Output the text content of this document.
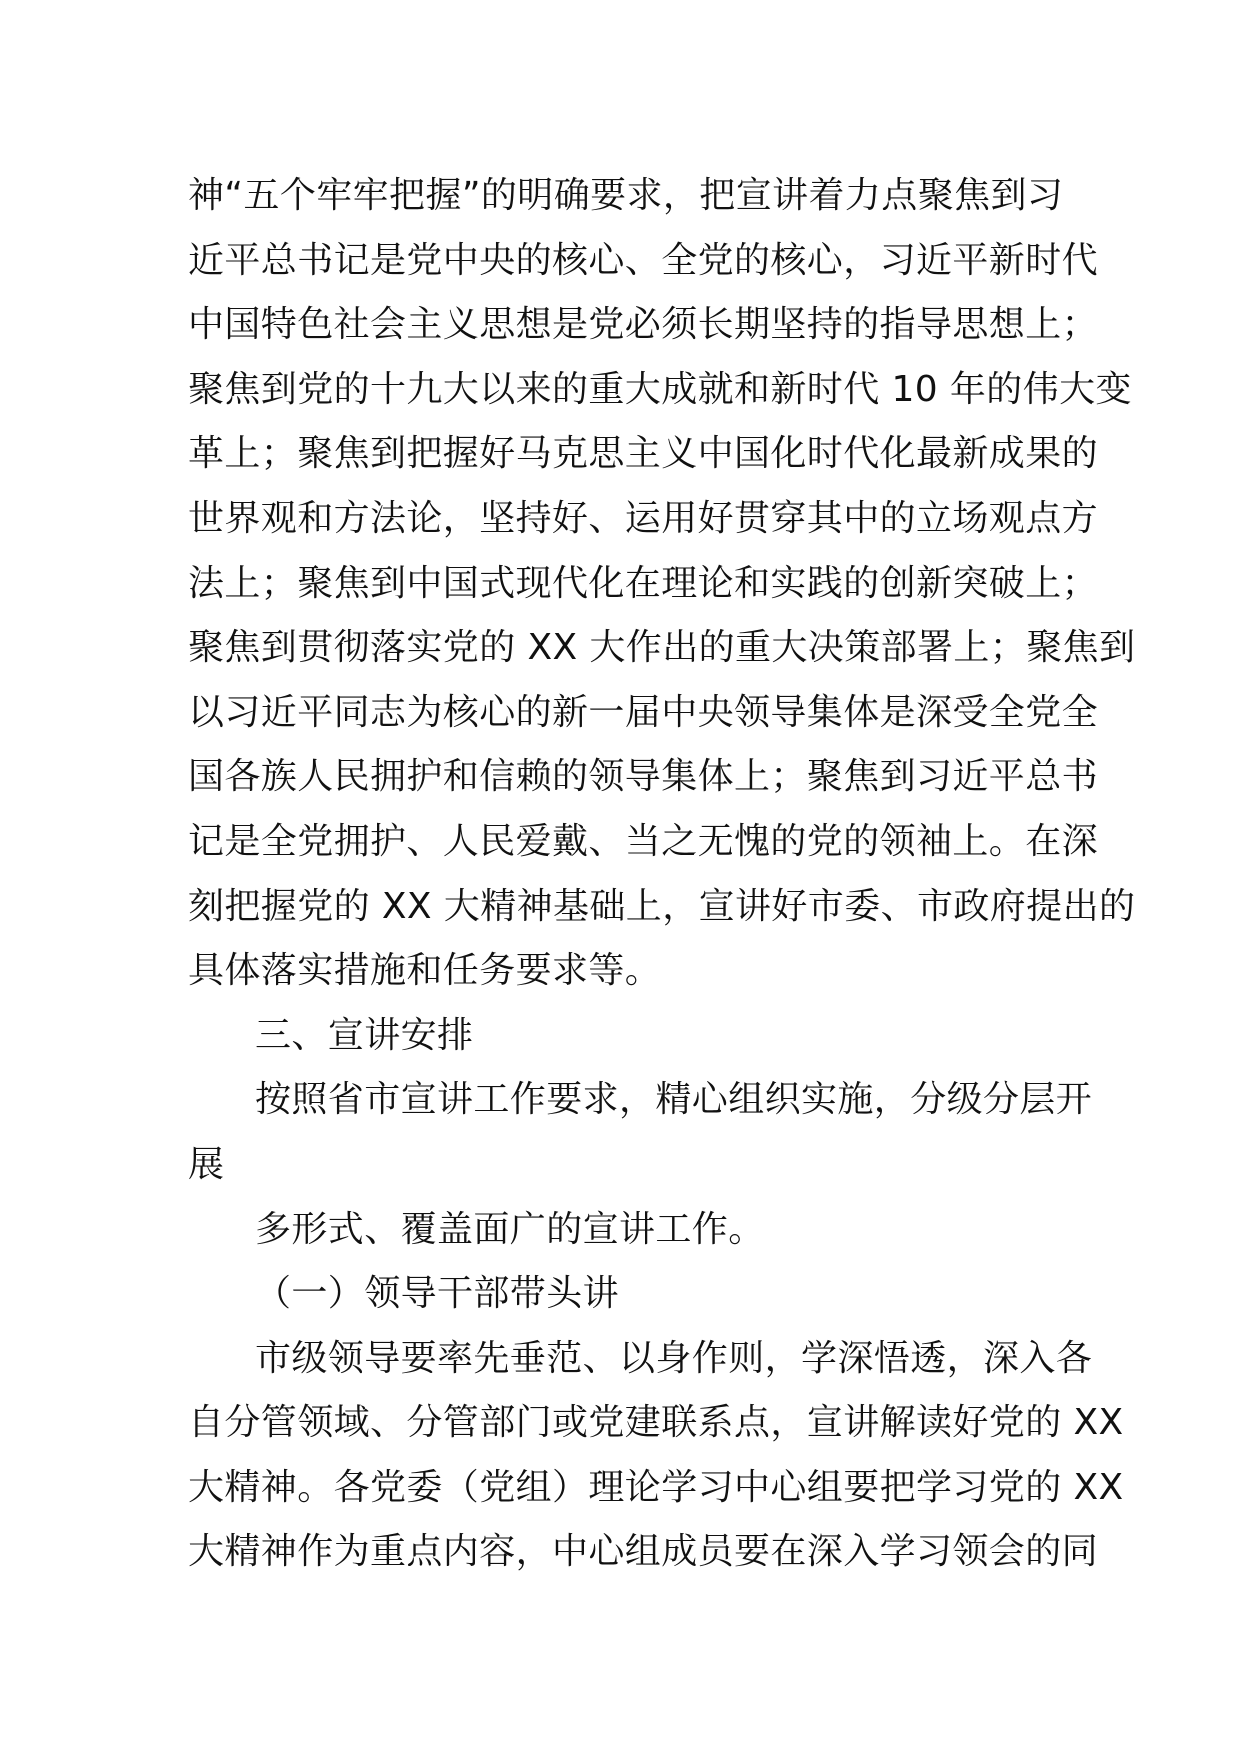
神“五个牢牢把握”的明确要求，把宣讲着力点聚焦到习
近平总书记是党中央的核心、全党的核心，习近平新时代
中国特色社会主义思想是党必须长期坚持的指导思想上；
聚焦到党的十九大以来的重大成就和新时代 10 年的伟大变
革上；聚焦到把握好马克思主义中国化时代化最新成果的
世界观和方法论，坚持好、运用好贯穿其中的立场观点方
法上；聚焦到中国式现代化在理论和实践的创新突破上；
聚焦到贯彻落实党的 XX 大作出的重大决策部署上；聚焦到
以习近平同志为核心的新一届中央领导集体是深受全党全
国各族人民拥护和信赖的领导集体上；聚焦到习近平总书
记是全党拥护、人民爱戴、当之无愧的党的领袖上。在深
刻把握党的 XX 大精神基础上，宣讲好市委、市政府提出的
具体落实措施和任务要求等。
三、宣讲安排
按照省市宣讲工作要求，精心组织实施，分级分层开
展
多形式、覆盖面广的宣讲工作。
（一）领导干部带头讲
市级领导要率先垂范、以身作则，学深悟透，深入各
自分管领域、分管部门或党建联系点，宣讲解读好党的 XX
大精神。各党委（党组）理论学习中心组要把学习党的 XX
大精神作为重点内容，中心组成员要在深入学习领会的同
